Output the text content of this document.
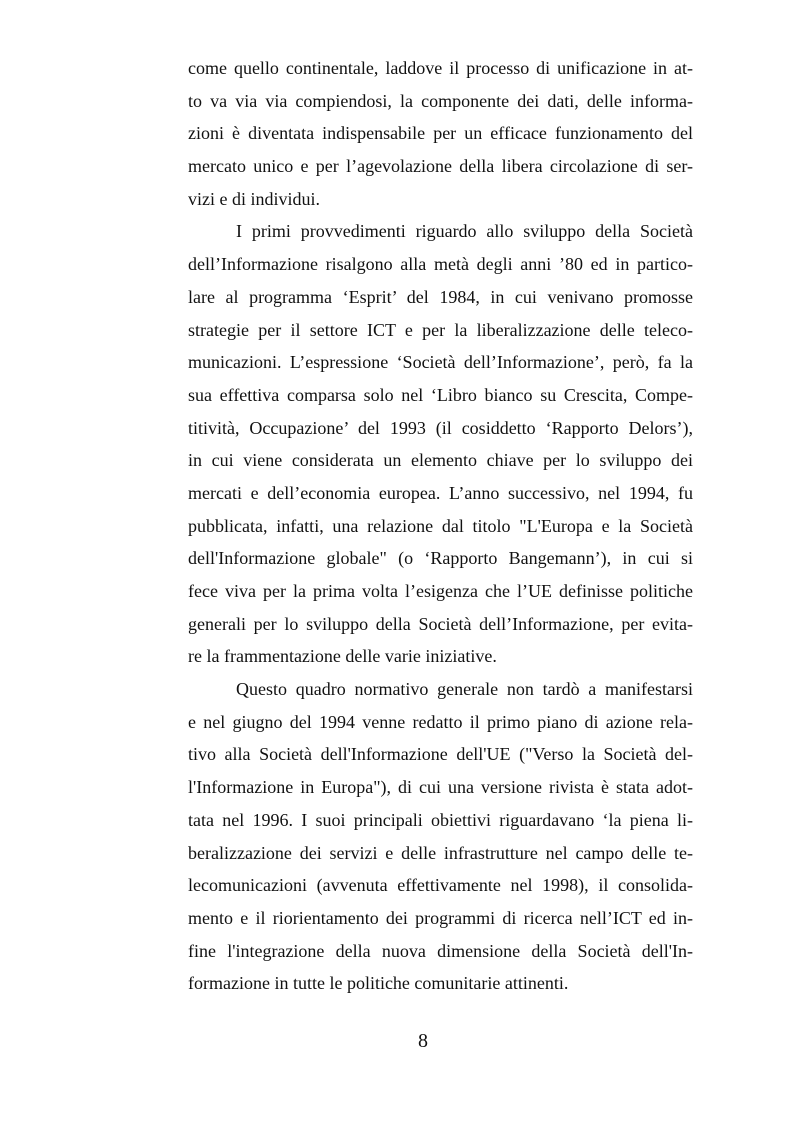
come quello continentale, laddove il processo di unificazione in at-
to va via via compiendosi, la componente dei dati, delle informa-
zioni è diventata indispensabile per un efficace funzionamento del
mercato unico e per l’agevolazione della libera circolazione di ser-
vizi e di individui.
I primi provvedimenti riguardo allo sviluppo della Società
dell’Informazione risalgono alla metà degli anni ’80 ed in partico-
lare al programma ‘Esprit’ del 1984, in cui venivano promosse
strategie per il settore ICT e per la liberalizzazione delle teleco-
municazioni. L’espressione ‘Società dell’Informazione’, però, fa la
sua effettiva comparsa solo nel ‘Libro bianco su Crescita, Compe-
titività, Occupazione’ del 1993 (il cosiddetto ‘Rapporto Delors’),
in cui viene considerata un elemento chiave per lo sviluppo dei
mercati e dell’economia europea. L’anno successivo, nel 1994, fu
pubblicata, infatti, una relazione dal titolo "L'Europa e la Società
dell'Informazione globale" (o ‘Rapporto Bangemann’), in cui si
fece viva per la prima volta l’esigenza che l’UE definisse politiche
generali per lo sviluppo della Società dell’Informazione, per evita-
re la frammentazione delle varie iniziative.
Questo quadro normativo generale non tardò a manifestarsi
e nel giugno del 1994 venne redatto il primo piano di azione rela-
tivo alla Società dell'Informazione dell'UE ("Verso la Società del-
l'Informazione in Europa"), di cui una versione rivista è stata adot-
tata nel 1996. I suoi principali obiettivi riguardavano ‘la piena li-
beralizzazione dei servizi e delle infrastrutture nel campo delle te-
lecomunicazioni (avvenuta effettivamente nel 1998), il consolida-
mento e il riorientamento dei programmi di ricerca nell’ICT ed in-
fine l'integrazione della nuova dimensione della Società dell'In-
formazione in tutte le politiche comunitarie attinenti.
8
